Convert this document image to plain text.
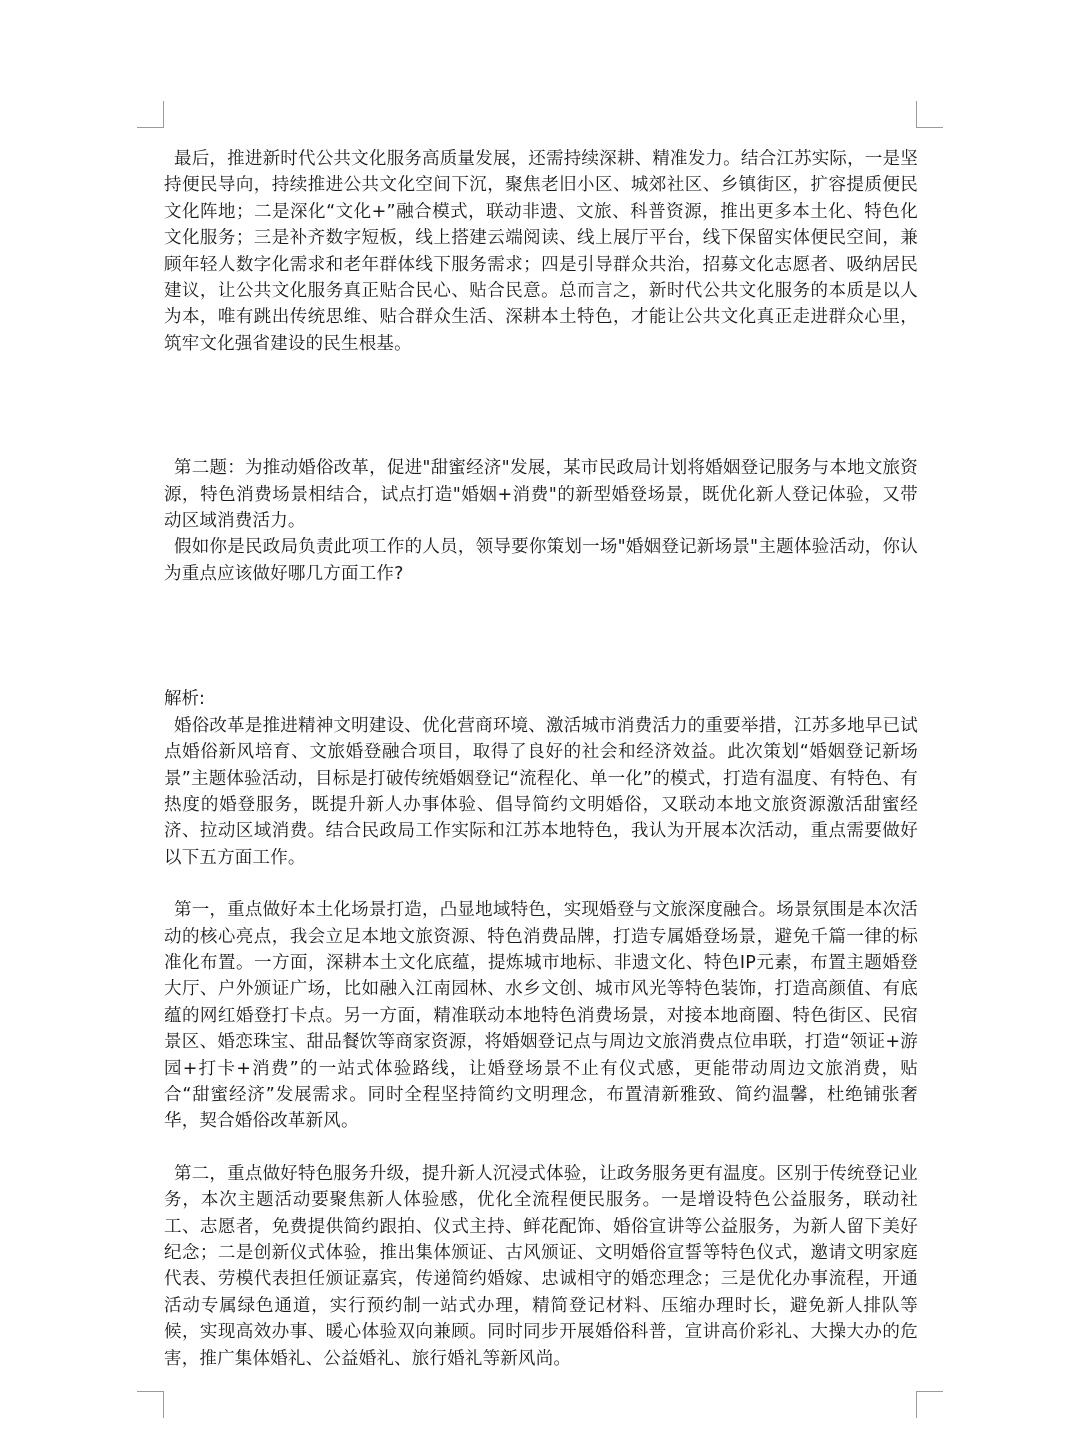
最后，推进新时代公共文化服务高质量发展，还需持续深耕、精准发力。结合江苏实际，一是坚持便民导向，持续推进公共文化空间下沉，聚焦老旧小区、城郊社区、乡镇街区，扩容提质便民文化阵地；二是深化“文化+”融合模式，联动非遗、文旅、科普资源，推出更多本土化、特色化文化服务；三是补齐数字短板，线上搭建云端阅读、线上展厅平台，线下保留实体便民空间，兼顾年轻人数字化需求和老年群体线下服务需求；四是引导群众共治，招募文化志愿者、吸纳居民建议，让公共文化服务真正贴合民心、贴合民意。总而言之，新时代公共文化服务的本质是以人为本，唯有跳出传统思维、贴合群众生活、深耕本土特色，才能让公共文化真正走进群众心里，筑牢文化强省建设的民生根基。

第二题：为推动婚俗改革，促进"甜蜜经济"发展，某市民政局计划将婚姻登记服务与本地文旅资源，特色消费场景相结合，试点打造"婚姻+消费"的新型婚登场景，既优化新人登记体验，又带动区域消费活力。

假如你是民政局负责此项工作的人员，领导要你策划一场"婚姻登记新场景"主题体验活动，你认为重点应该做好哪几方面工作?

解析:

婚俗改革是推进精神文明建设、优化营商环境、激活城市消费活力的重要举措，江苏多地早已试点婚俗新风培育、文旅婚登融合项目，取得了良好的社会和经济效益。此次策划“婚姻登记新场景”主题体验活动，目标是打破传统婚姻登记“流程化、单一化”的模式，打造有温度、有特色、有热度的婚登服务，既提升新人办事体验、倡导简约文明婚俗，又联动本地文旅资源激活甜蜜经济、拉动区域消费。结合民政局工作实际和江苏本地特色，我认为开展本次活动，重点需要做好以下五方面工作。

第一，重点做好本土化场景打造，凸显地域特色，实现婚登与文旅深度融合。场景氛围是本次活动的核心亮点，我会立足本地文旅资源、特色消费品牌，打造专属婚登场景，避免千篇一律的标准化布置。一方面，深耕本土文化底蕴，提炼城市地标、非遗文化、特色IP元素，布置主题婚登大厅、户外颁证广场，比如融入江南园林、水乡文创、城市风光等特色装饰，打造高颜值、有底蕴的网红婚登打卡点。另一方面，精准联动本地特色消费场景，对接本地商圈、特色街区、民宿景区、婚恋珠宝、甜品餐饮等商家资源，将婚姻登记点与周边文旅消费点位串联，打造“领证+游园+打卡+消费”的一站式体验路线，让婚登场景不止有仪式感，更能带动周边文旅消费，贴合“甜蜜经济”发展需求。同时全程坚持简约文明理念，布置清新雅致、简约温馨，杜绝铺张奢华，契合婚俗改革新风。

第二，重点做好特色服务升级，提升新人沉浸式体验，让政务服务更有温度。区别于传统登记业务，本次主题活动要聚焦新人体验感，优化全流程便民服务。一是增设特色公益服务，联动社工、志愿者，免费提供简约跟拍、仪式主持、鲜花配饰、婚俗宣讲等公益服务，为新人留下美好纪念；二是创新仪式体验，推出集体颁证、古风颁证、文明婚俗宣誓等特色仪式，邀请文明家庭代表、劳模代表担任颁证嘉宾，传递简约婚嫁、忠诚相守的婚恋理念；三是优化办事流程，开通活动专属绿色通道，实行预约制一站式办理，精简登记材料、压缩办理时长，避免新人排队等候，实现高效办事、暖心体验双向兼顾。同时同步开展婚俗科普，宣讲高价彩礼、大操大办的危害，推广集体婚礼、公益婚礼、旅行婚礼等新风尚。
